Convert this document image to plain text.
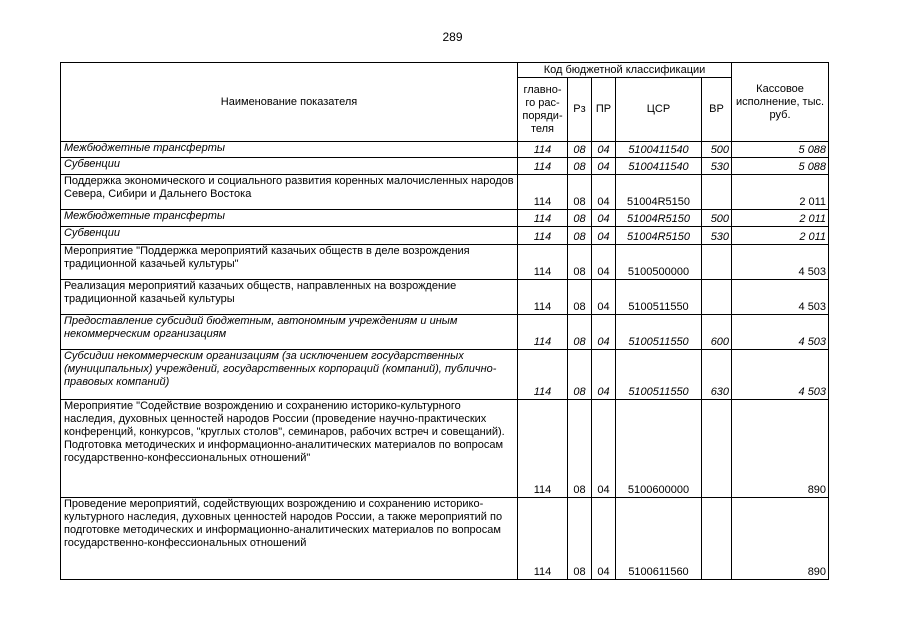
289
Наименование показателя	Код бюджетной классификации					Кассовое исполнение, тыс. руб.
	главно-го рас-поряди-теля	Рз	ПР	ЦСР	ВР	
Межбюджетные трансферты	114	08	04	5100411540	500	5 088
Субвенции	114	08	04	5100411540	530	5 088
Поддержка экономического и социального развития коренных малочисленных народов Севера, Сибири и Дальнего Востока	114	08	04	51004R5150		2 011
Межбюджетные трансферты	114	08	04	51004R5150	500	2 011
Субвенции	114	08	04	51004R5150	530	2 011
Мероприятие "Поддержка мероприятий казачьих обществ в деле возрождения традиционной казачьей культуры"	114	08	04	5100500000		4 503
Реализация мероприятий казачьих обществ, направленных на возрождение традиционной казачьей культуры	114	08	04	5100511550		4 503
Предоставление субсидий бюджетным, автономным учреждениям и иным некоммерческим организациям	114	08	04	5100511550	600	4 503
Субсидии некоммерческим организациям (за исключением государственных (муниципальных) учреждений, государственных корпораций (компаний), публично-правовых компаний)	114	08	04	5100511550	630	4 503
Мероприятие "Содействие возрождению и сохранению историко-культурного наследия, духовных ценностей народов России (проведение научно-практических конференций, конкурсов, "круглых столов", семинаров, рабочих встреч и совещаний). Подготовка методических и информационно-аналитических материалов по вопросам государственно-конфессиональных отношений"	114	08	04	5100600000		890
Проведение мероприятий, содействующих возрождению и сохранению историко-культурного наследия, духовных ценностей народов России, а также мероприятий по подготовке методических и информационно-аналитических материалов по вопросам государственно-конфессиональных отношений	114	08	04	5100611560		890
